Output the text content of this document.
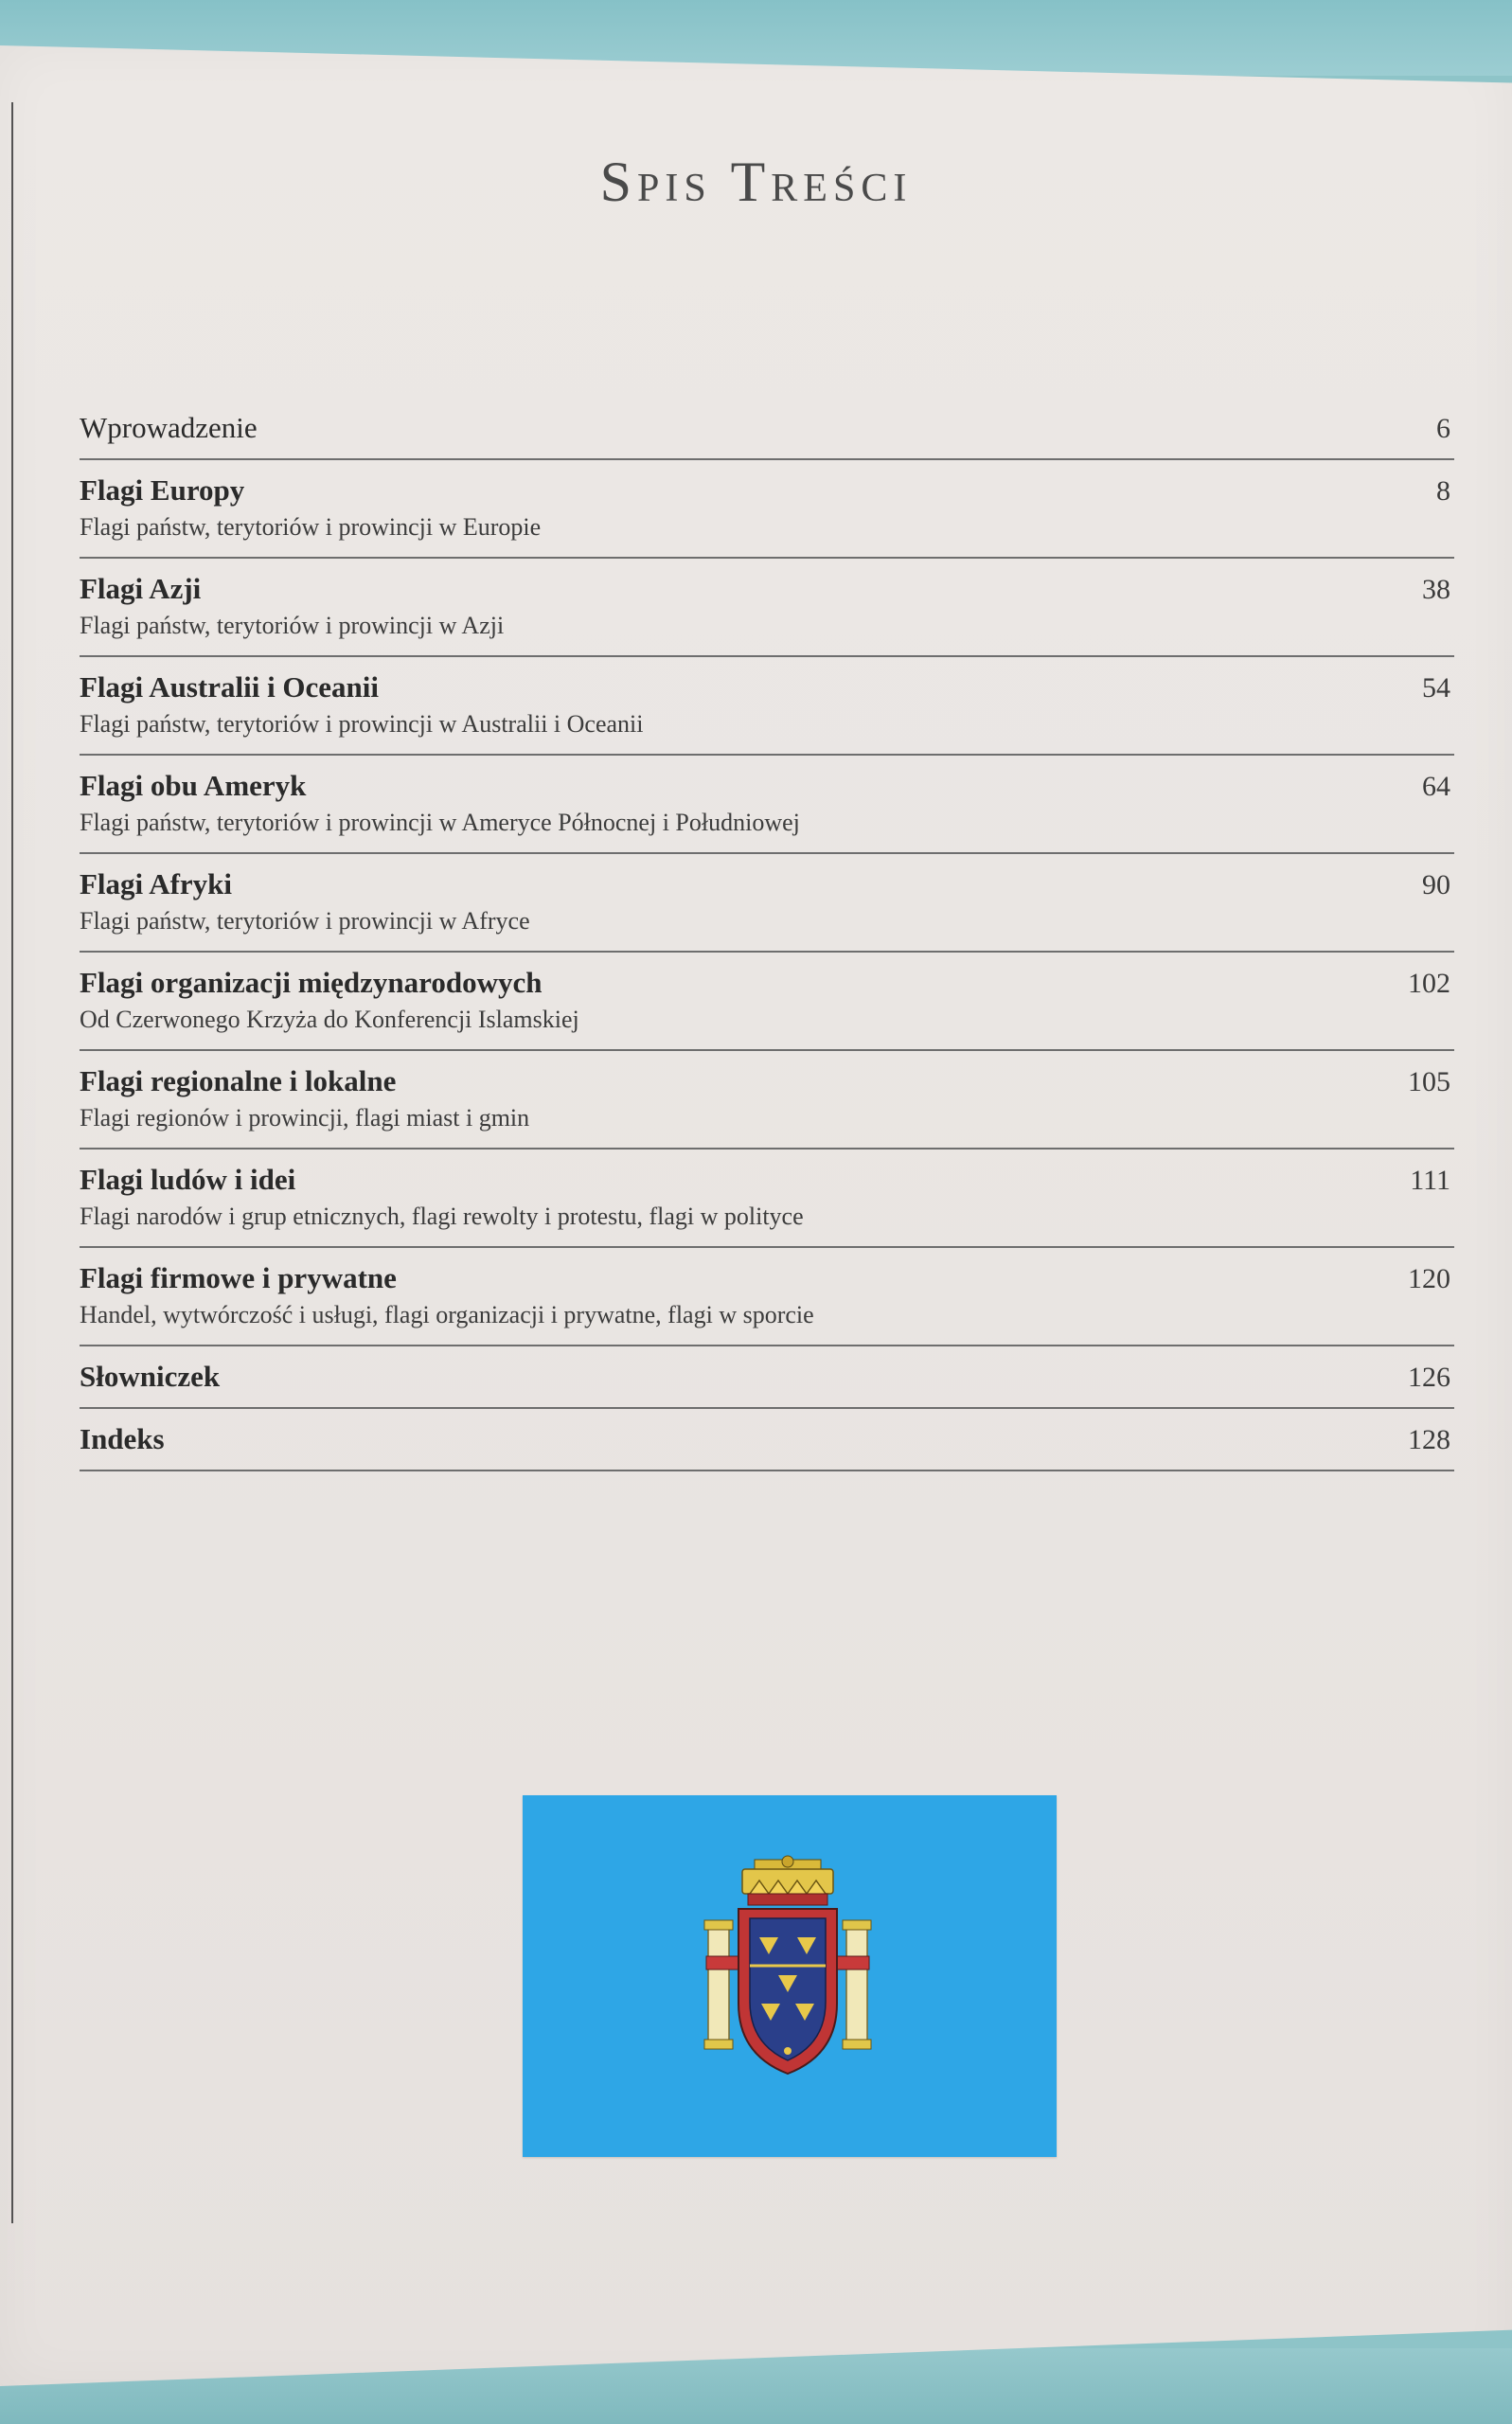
Spis Treści
Wprowadzenie	6
Flagi Europy	8
Flagi państw, terytoriów i prowincji w Europie
Flagi Azji	38
Flagi państw, terytoriów i prowincji w Azji
Flagi Australii i Oceanii	54
Flagi państw, terytoriów i prowincji w Australii i Oceanii
Flagi obu Ameryk	64
Flagi państw, terytoriów i prowincji w Ameryce Północnej i Południowej
Flagi Afryki	90
Flagi państw, terytoriów i prowincji w Afryce
Flagi organizacji międzynarodowych	102
Od Czerwonego Krzyża do Konferencji Islamskiej
Flagi regionalne i lokalne	105
Flagi regionów i prowincji, flagi miast i gmin
Flagi ludów i idei	111
Flagi narodów i grup etnicznych, flagi rewolty i protestu, flagi w polityce
Flagi firmowe i prywatne	120
Handel, wytwórczość i usługi, flagi organizacji i prywatne, flagi w sporcie
Słowniczek	126
Indeks	128
